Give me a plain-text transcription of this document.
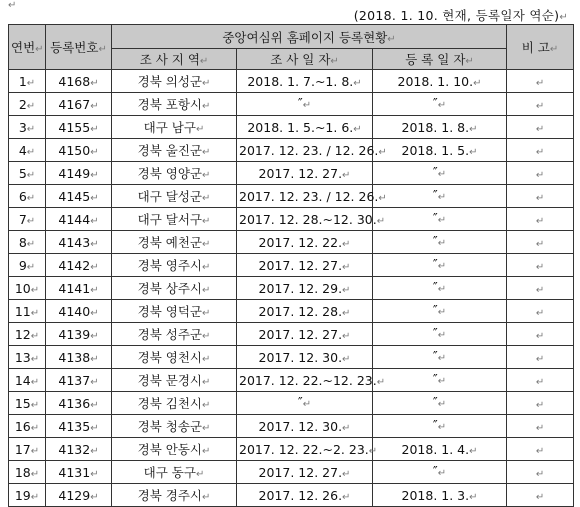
↵
(2018. 1. 10. 현재, 등록일자 역순)↵
연번↵	등록번호↵	중앙여심위 홈페이지 등록현황↵			비 고↵
		조 사 지 역↵	조 사 일 자↵	등 록 일 자↵	
1↵	4168↵	경북 의성군↵	2018. 1. 7.~1. 8.↵	2018. 1. 10.↵	↵
2↵	4167↵	경북 포항시↵	″↵	″↵	↵
3↵	4155↵	대구 남구↵	2018. 1. 5.~1. 6.↵	2018. 1. 8.↵	↵
4↵	4150↵	경북 울진군↵	2017. 12. 23. / 12. 26.↵	2018. 1. 5.↵	↵
5↵	4149↵	경북 영양군↵	2017. 12. 27.↵	″↵	↵
6↵	4145↵	대구 달성군↵	2017. 12. 23. / 12. 26.↵	″↵	↵
7↵	4144↵	대구 달서구↵	2017. 12. 28.~12. 30.↵	″↵	↵
8↵	4143↵	경북 예천군↵	2017. 12. 22.↵	″↵	↵
9↵	4142↵	경북 영주시↵	2017. 12. 27.↵	″↵	↵
10↵	4141↵	경북 상주시↵	2017. 12. 29.↵	″↵	↵
11↵	4140↵	경북 영덕군↵	2017. 12. 28.↵	″↵	↵
12↵	4139↵	경북 성주군↵	2017. 12. 27.↵	″↵	↵
13↵	4138↵	경북 영천시↵	2017. 12. 30.↵	″↵	↵
14↵	4137↵	경북 문경시↵	2017. 12. 22.~12. 23.↵	″↵	↵
15↵	4136↵	경북 김천시↵	″↵	″↵	↵
16↵	4135↵	경북 청송군↵	2017. 12. 30.↵	″↵	↵
17↵	4132↵	경북 안동시↵	2017. 12. 22.~2. 23.↵	2018. 1. 4.↵	↵
18↵	4131↵	대구 동구↵	2017. 12. 27.↵	″↵	↵
19↵	4129↵	경북 경주시↵	2017. 12. 26.↵	2018. 1. 3.↵	↵
